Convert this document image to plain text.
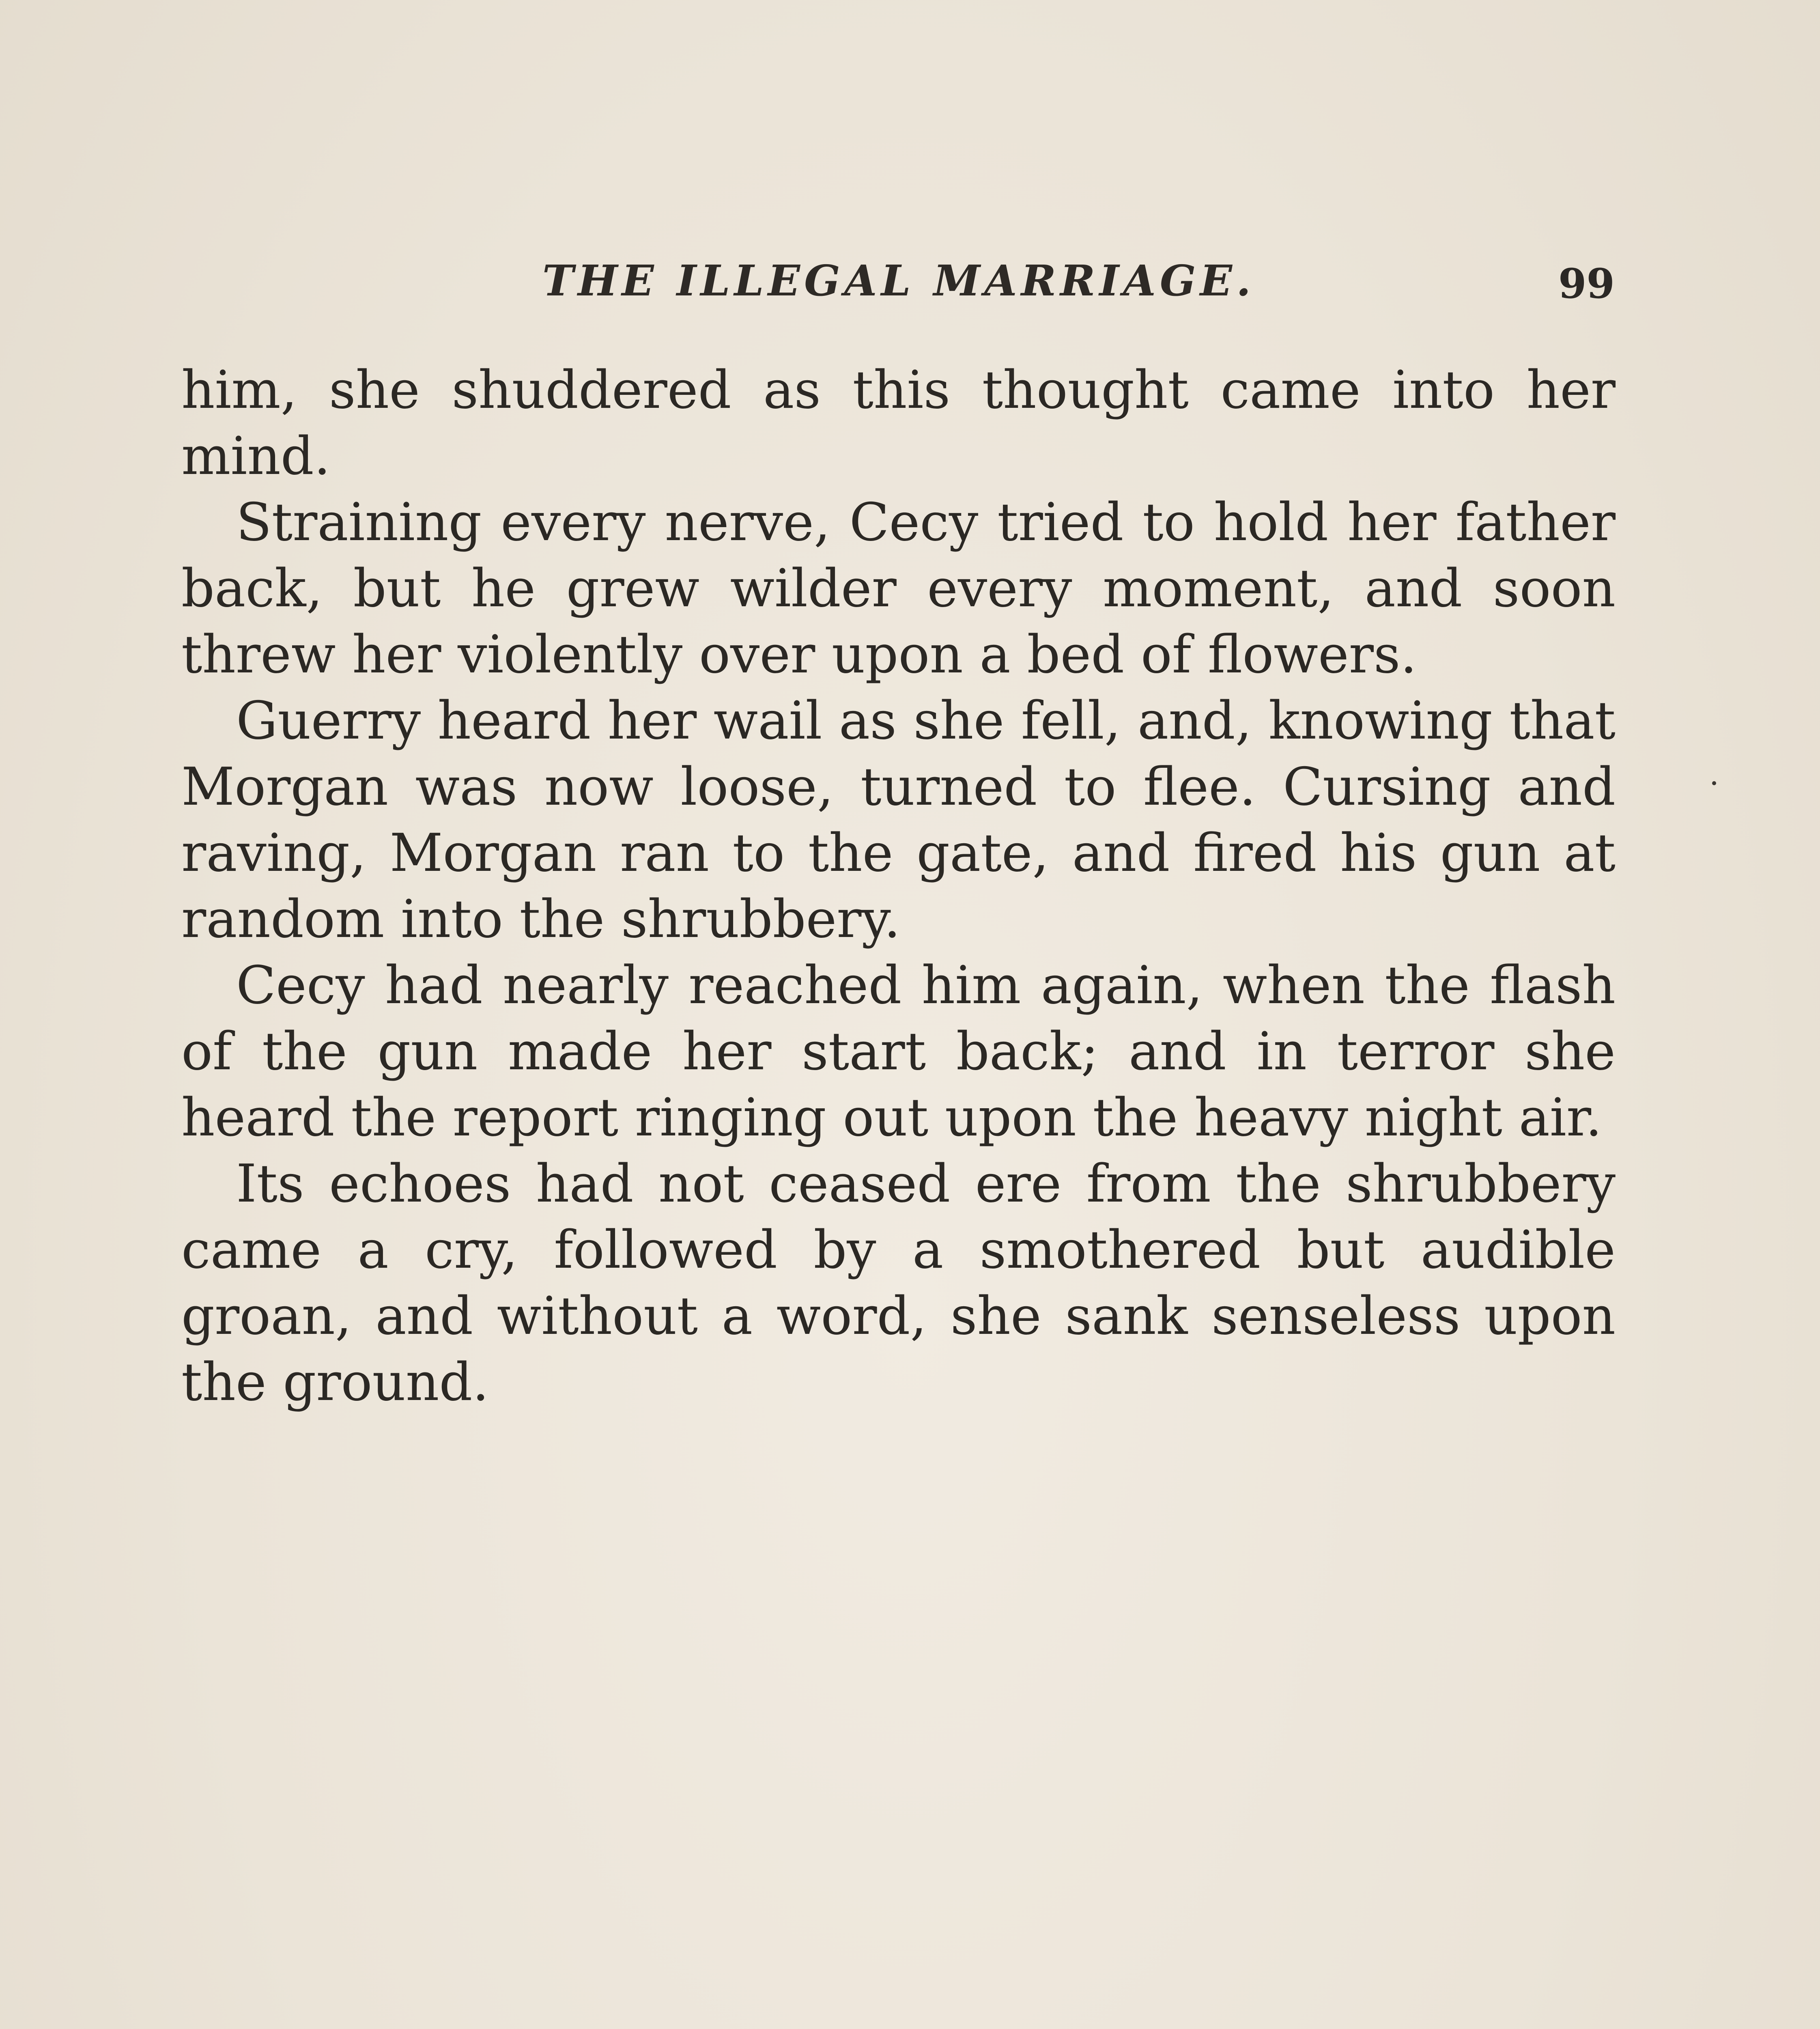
THE ILLEGAL MARRIAGE.	99

him, she shuddered as this thought came into her mind.

Straining every nerve, Cecy tried to hold her father back, but he grew wilder every moment, and soon threw her violently over upon a bed of flowers.

Guerry heard her wail as she fell, and, knowing that Morgan was now loose, turned to flee. Cursing and raving, Morgan ran to the gate, and fired his gun at random into the shrubbery.

Cecy had nearly reached him again, when the flash of the gun made her start back; and in terror she heard the report ringing out upon the heavy night air.

Its echoes had not ceased ere from the shrubbery came a cry, followed by a smothered but audible groan, and without a word, she sank senseless upon the ground.
